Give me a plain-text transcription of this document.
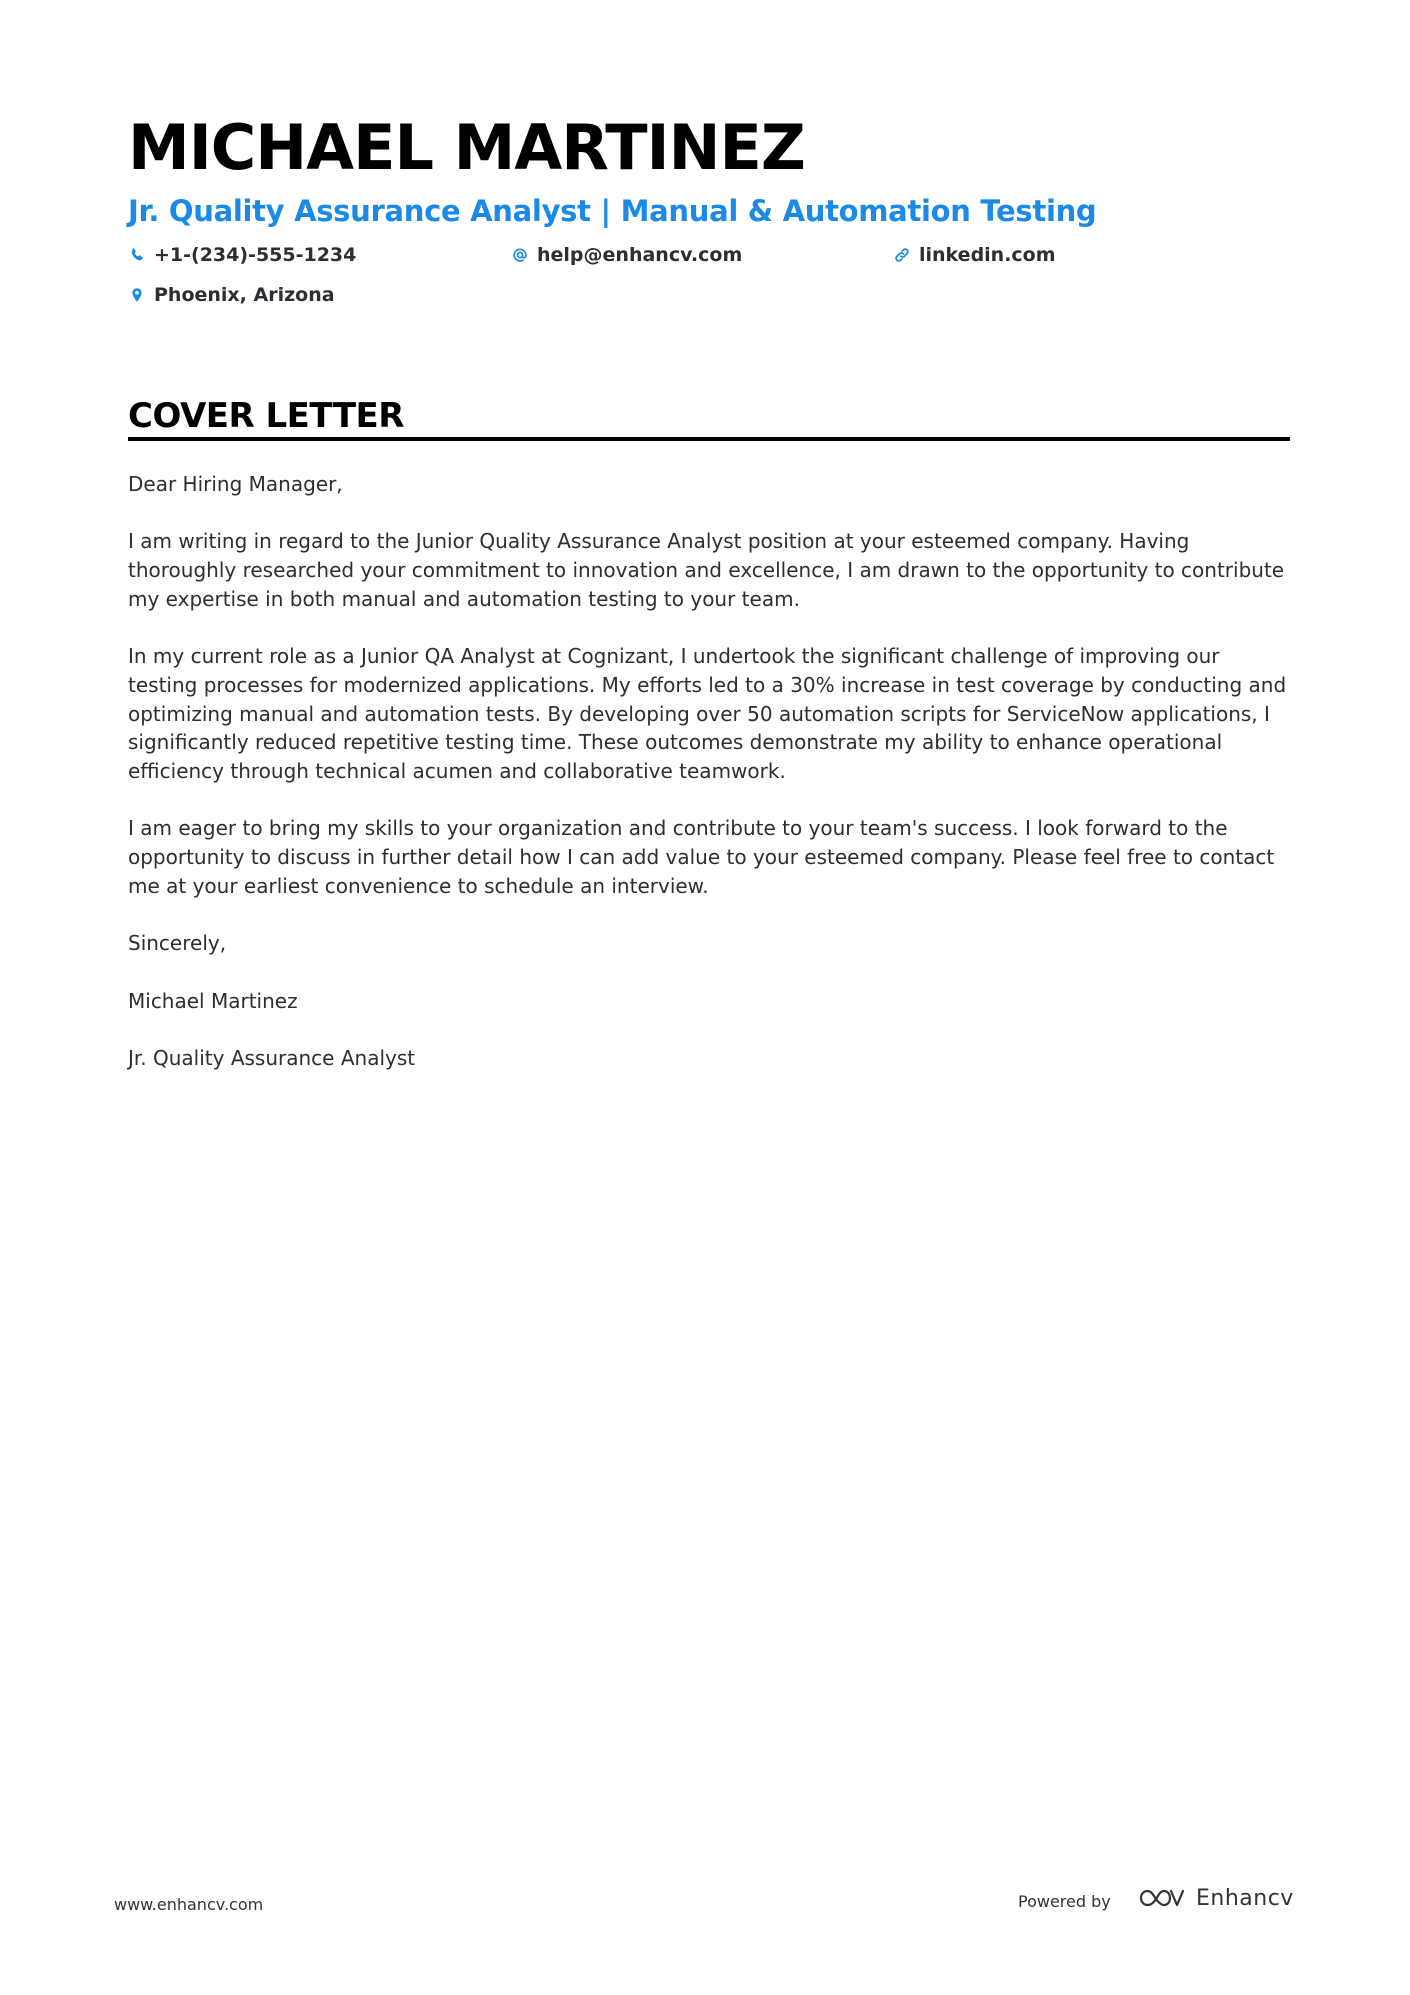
MICHAEL MARTINEZ
Jr. Quality Assurance Analyst | Manual & Automation Testing
+1-(234)-555-1234	help@enhancv.com	linkedin.com
Phoenix, Arizona
COVER LETTER

Dear Hiring Manager,

I am writing in regard to the Junior Quality Assurance Analyst position at your esteemed company. Having thoroughly researched your commitment to innovation and excellence, I am drawn to the opportunity to contribute my expertise in both manual and automation testing to your team.

In my current role as a Junior QA Analyst at Cognizant, I undertook the significant challenge of improving our testing processes for modernized applications. My efforts led to a 30% increase in test coverage by conducting and optimizing manual and automation tests. By developing over 50 automation scripts for ServiceNow applications, I significantly reduced repetitive testing time. These outcomes demonstrate my ability to enhance operational efficiency through technical acumen and collaborative teamwork.

I am eager to bring my skills to your organization and contribute to your team's success. I look forward to the opportunity to discuss in further detail how I can add value to your esteemed company. Please feel free to contact me at your earliest convenience to schedule an interview.

Sincerely,

Michael Martinez

Jr. Quality Assurance Analyst

www.enhancv.com	Powered by	Enhancv
